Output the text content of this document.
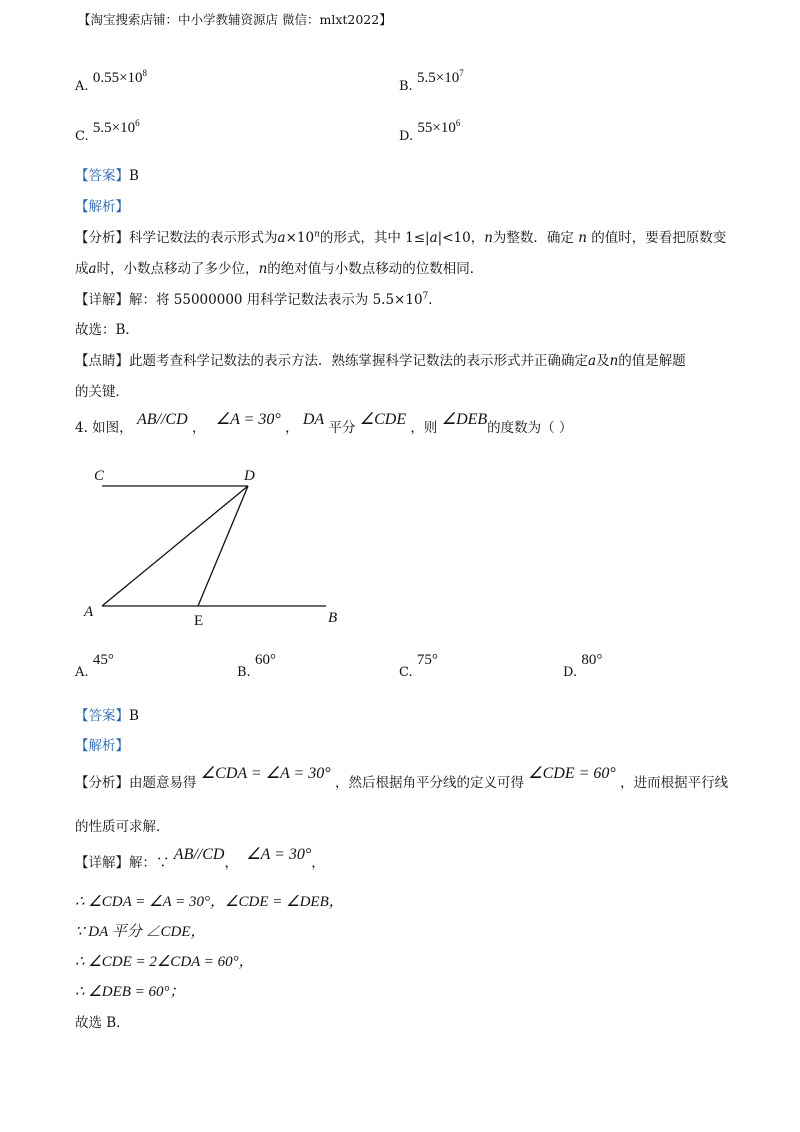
【淘宝搜索店铺：中小学教辅资源店 微信：mlxt2022】
A. $0.55\times 10^8$
B. $5.5\times 10^7$
C. $5.5\times 10^6$
D. $55\times 10^6$
【答案】B
【解析】
【分析】科学记数法的表示形式为$a\times 10^n$的形式，其中 1≤|a|<10，n为整数．确定 n 的值时，要看把原数变
成a时，小数点移动了多少位，n的绝对值与小数点移动的位数相同．
【详解】解：将 55000000 用科学记数法表示为 $5.5\times 10^7$．
故选：B．
【点睛】此题考查科学记数法的表示方法．熟练掌握科学记数法的表示形式并正确确定a及n的值是解题
的关键．
4. 如图， AB//CD ， ∠A = 30° ， DA 平分 ∠CDE ，则 ∠DEB的度数为（ ）
C	D
A
E	B
A. 45°
B. 60°
C. 75°
D. 80°
【答案】B
【解析】
【分析】由题意易得 ∠CDA = ∠A = 30° ，然后根据角平分线的定义可得 ∠CDE = 60° ，进而根据平行线
的性质可求解．
【详解】解：∵ AB//CD， ∠A = 30°，
∴ ∠CDA = ∠A = 30°，∠CDE = ∠DEB，
∵ DA 平分 ∠CDE，
∴ ∠CDE = 2∠CDA = 60°，
∴ ∠DEB = 60°；
故选 B．
